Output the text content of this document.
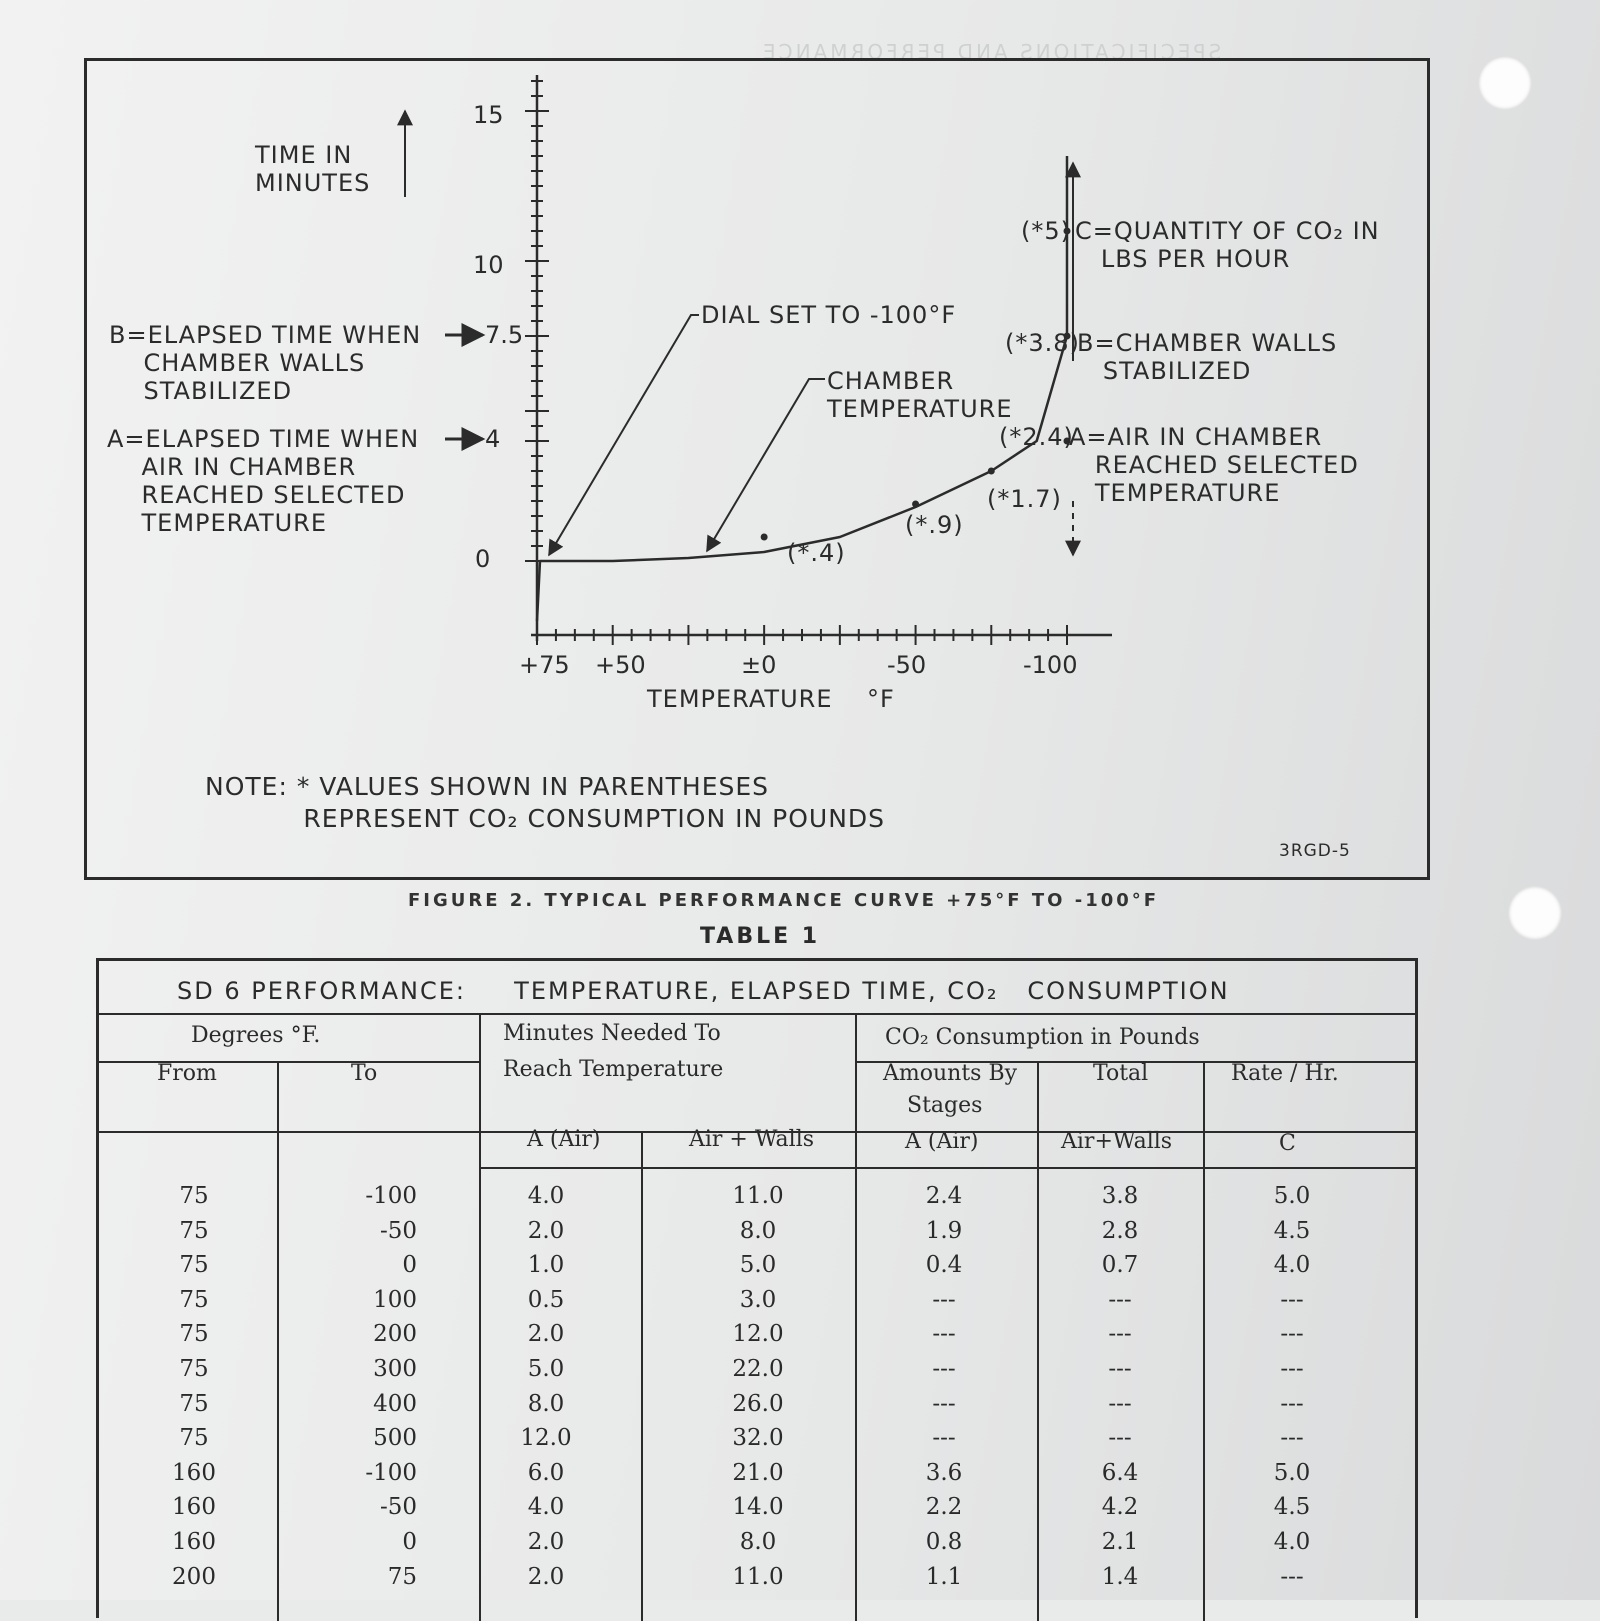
SPECIFICATIONS AND PERFORMANCE
TIME IN
MINUTES
15
10
0
+75 +50	±0	-50	-100
TEMPERATURE    °F
DIAL SET TO -100°F
CHAMBER
TEMPERATURE
B=ELAPSED TIME WHEN
CHAMBER WALLS
STABILIZED
7.5
A=ELAPSED TIME WHEN
AIR IN CHAMBER
REACHED SELECTED
TEMPERATURE
4
(*5) C=QUANTITY OF CO₂ IN
LBS PER HOUR
(*3.8)
B=CHAMBER WALLS
STABILIZED
(*2.4)
A=AIR IN CHAMBER
REACHED SELECTED
TEMPERATURE
(*1.7)
(*.9)
(*.4)
NOTE: * VALUES SHOWN IN PARENTHESES
REPRESENT CO₂ CONSUMPTION IN POUNDS
3RGD-5
FIGURE 2. TYPICAL PERFORMANCE CURVE +75°F TO -100°F
TABLE 1
SD 6 PERFORMANCE:     TEMPERATURE, ELAPSED TIME, CO₂   CONSUMPTION
Degrees °F.
From	To
Minutes Needed To
Reach Temperature
CO₂ Consumption in Pounds
Amounts By
Stages
Total	Rate / Hr.
A (Air)	Air + Walls	A (Air)	Air+Walls	C
75	-100	4.0	11.0	2.4	3.8	5.0
75	-50	2.0	8.0	1.9	2.8	4.5
75	0	1.0	5.0	0.4	0.7	4.0
75	100	0.5	3.0	---	---	---
75	200	2.0	12.0	---	---	---
75	300	5.0	22.0	---	---	---
75	400	8.0	26.0	---	---	---
75	500	12.0	32.0	---	---	---
160	-100	6.0	21.0	3.6	6.4	5.0
160	-50	4.0	14.0	2.2	4.2	4.5
160	0	2.0	8.0	0.8	2.1	4.0
200	75	2.0	11.0	1.1	1.4	---
